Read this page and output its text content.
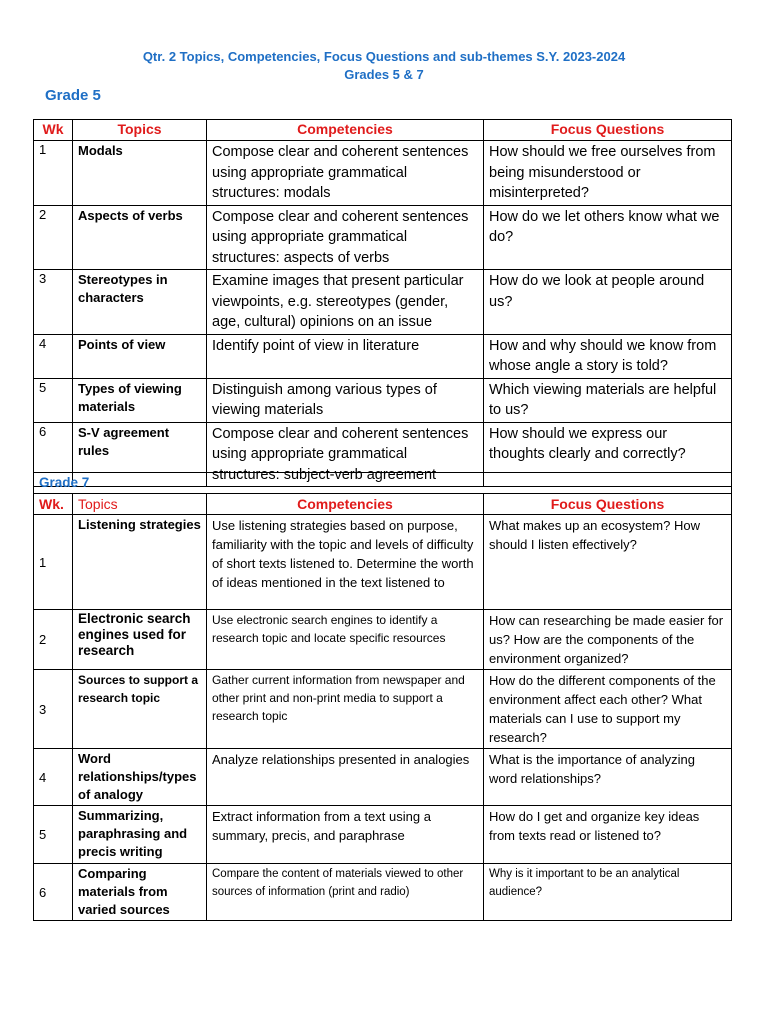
Qtr. 2 Topics, Competencies, Focus Questions and sub-themes S.Y. 2023-2024
Grades 5 & 7
Grade 5
Wk	Topics	Competencies	Focus Questions
1	Modals	Compose clear and coherent sentences using appropriate grammatical structures: modals	How should we free ourselves from being misunderstood or misinterpreted?
2	Aspects of verbs	Compose clear and coherent sentences using appropriate grammatical structures: aspects of verbs	How do we let others know what we do?
3	Stereotypes in characters	Examine images that present particular viewpoints, e.g. stereotypes (gender, age, cultural) opinions on an issue	How do we look at people around us?
4	Points of view	Identify point of view in literature	How and why should we know from whose angle a story is told?
5	Types of viewing materials	Distinguish among various types of viewing materials	Which viewing materials are helpful to us?
6	S-V agreement rules	Compose clear and coherent sentences using appropriate grammatical structures: subject-verb agreement	How should we express our thoughts clearly and correctly?
Grade 7			
Wk.	Topics	Competencies	Focus Questions
1	Listening strategies	Use listening strategies based on purpose, familiarity with the topic and levels of difficulty of short texts listened to. Determine the worth of ideas mentioned in the text listened to	What makes up an ecosystem? How should I listen effectively?
2	Electronic search engines used for research	Use electronic search engines to identify a research topic and locate specific resources	How can researching be made easier for us? How are the components of the environment organized?
3	Sources to support a research topic	Gather current information from newspaper and other print and non-print media to support a research topic	How do the different components of the environment affect each other? What materials can I use to support my research?
4	Word relationships/types of analogy	Analyze relationships presented in analogies	What is the importance of analyzing word relationships?
5	Summarizing, paraphrasing and precis writing	Extract information from a text using a summary, precis, and paraphrase	How do I get and organize key ideas from texts read or listened to?
6	Comparing materials from varied sources	Compare the content of materials viewed to other sources of information (print and radio)	Why is it important to be an analytical audience?
